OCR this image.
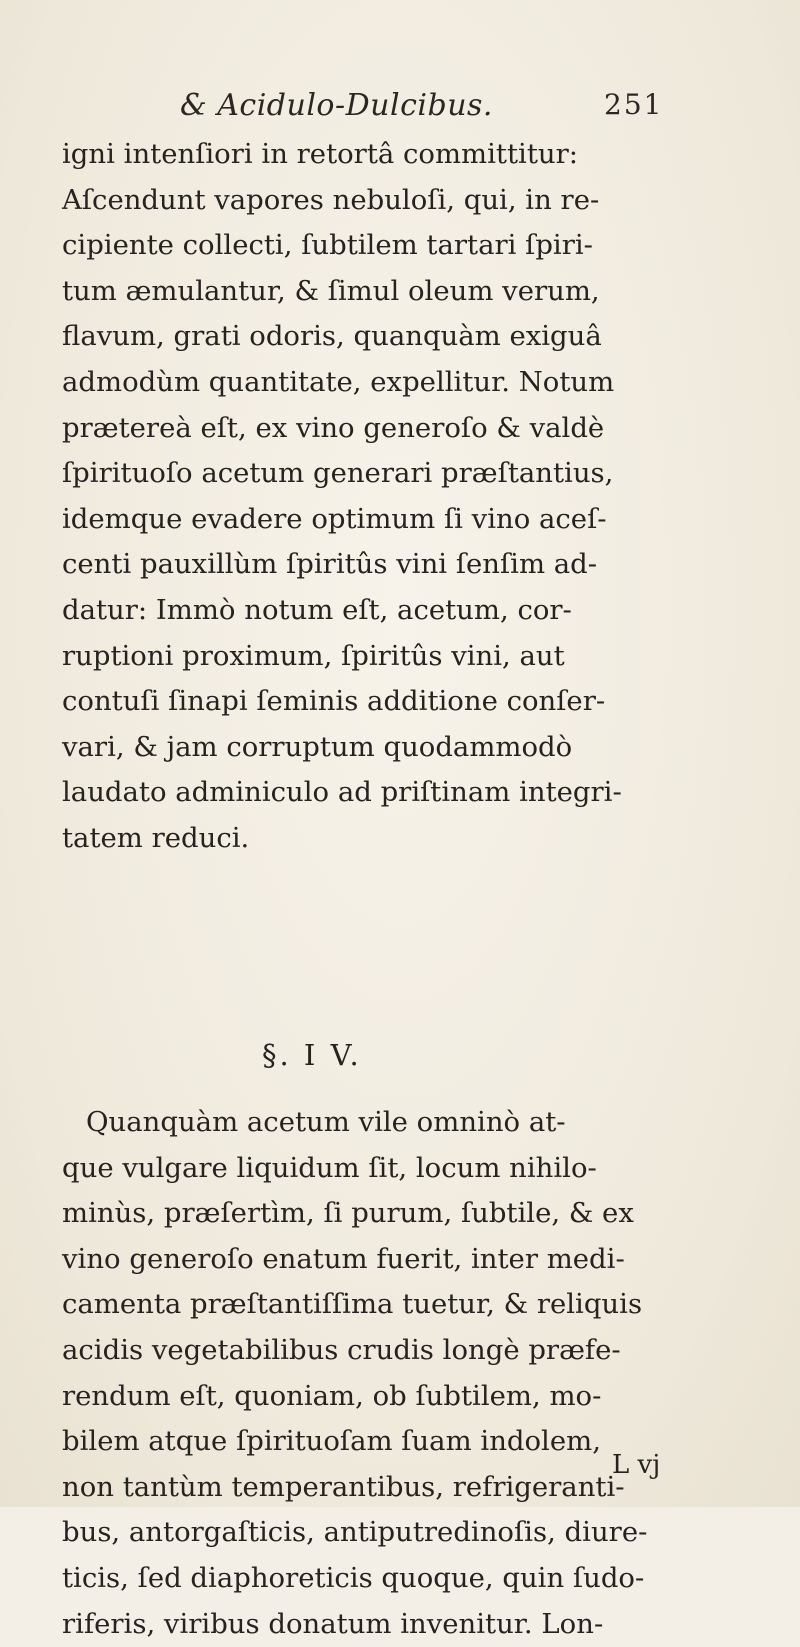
& Acidulo-Dulcibus.	251
igni intenſiori in retortâ committitur:
Aſcendunt vapores nebuloſi, qui, in re-
cipiente collecti, ſubtilem tartari ſpiri-
tum æmulantur, & ſimul oleum verum,
flavum, grati odoris, quanquàm exiguâ
admodùm quantitate, expellitur. Notum
prætereà eſt, ex vino generoſo & valdè
ſpirituoſo acetum generari præſtantius,
idemque evadere optimum ſi vino aceſ-
centi pauxillùm ſpiritûs vini ſenſim ad-
datur: Immò notum eſt, acetum, cor-
ruptioni proximum, ſpiritûs vini, aut
contuſi ſinapi ſeminis additione conſer-
vari, & jam corruptum quodammodò
laudato adminiculo ad priſtinam integri-
tatem reduci.
§. I V.
Quanquàm acetum vile omninò at-
que vulgare liquidum ſit, locum nihilo-
minùs, præſertìm, ſi purum, ſubtile, & ex
vino generoſo enatum fuerit, inter medi-
camenta præſtantiſſima tuetur, & reliquis
acidis vegetabilibus crudis longè præfe-
rendum eſt, quoniam, ob ſubtilem, mo-
bilem atque ſpirituoſam ſuam indolem,
non tantùm temperantibus, refrigeranti-
bus, antorgaſticis, antiputredinoſis, diure-
ticis, ſed diaphoreticis quoque, quin ſudo-
riferis, viribus donatum invenitur. Lon-
L vj
